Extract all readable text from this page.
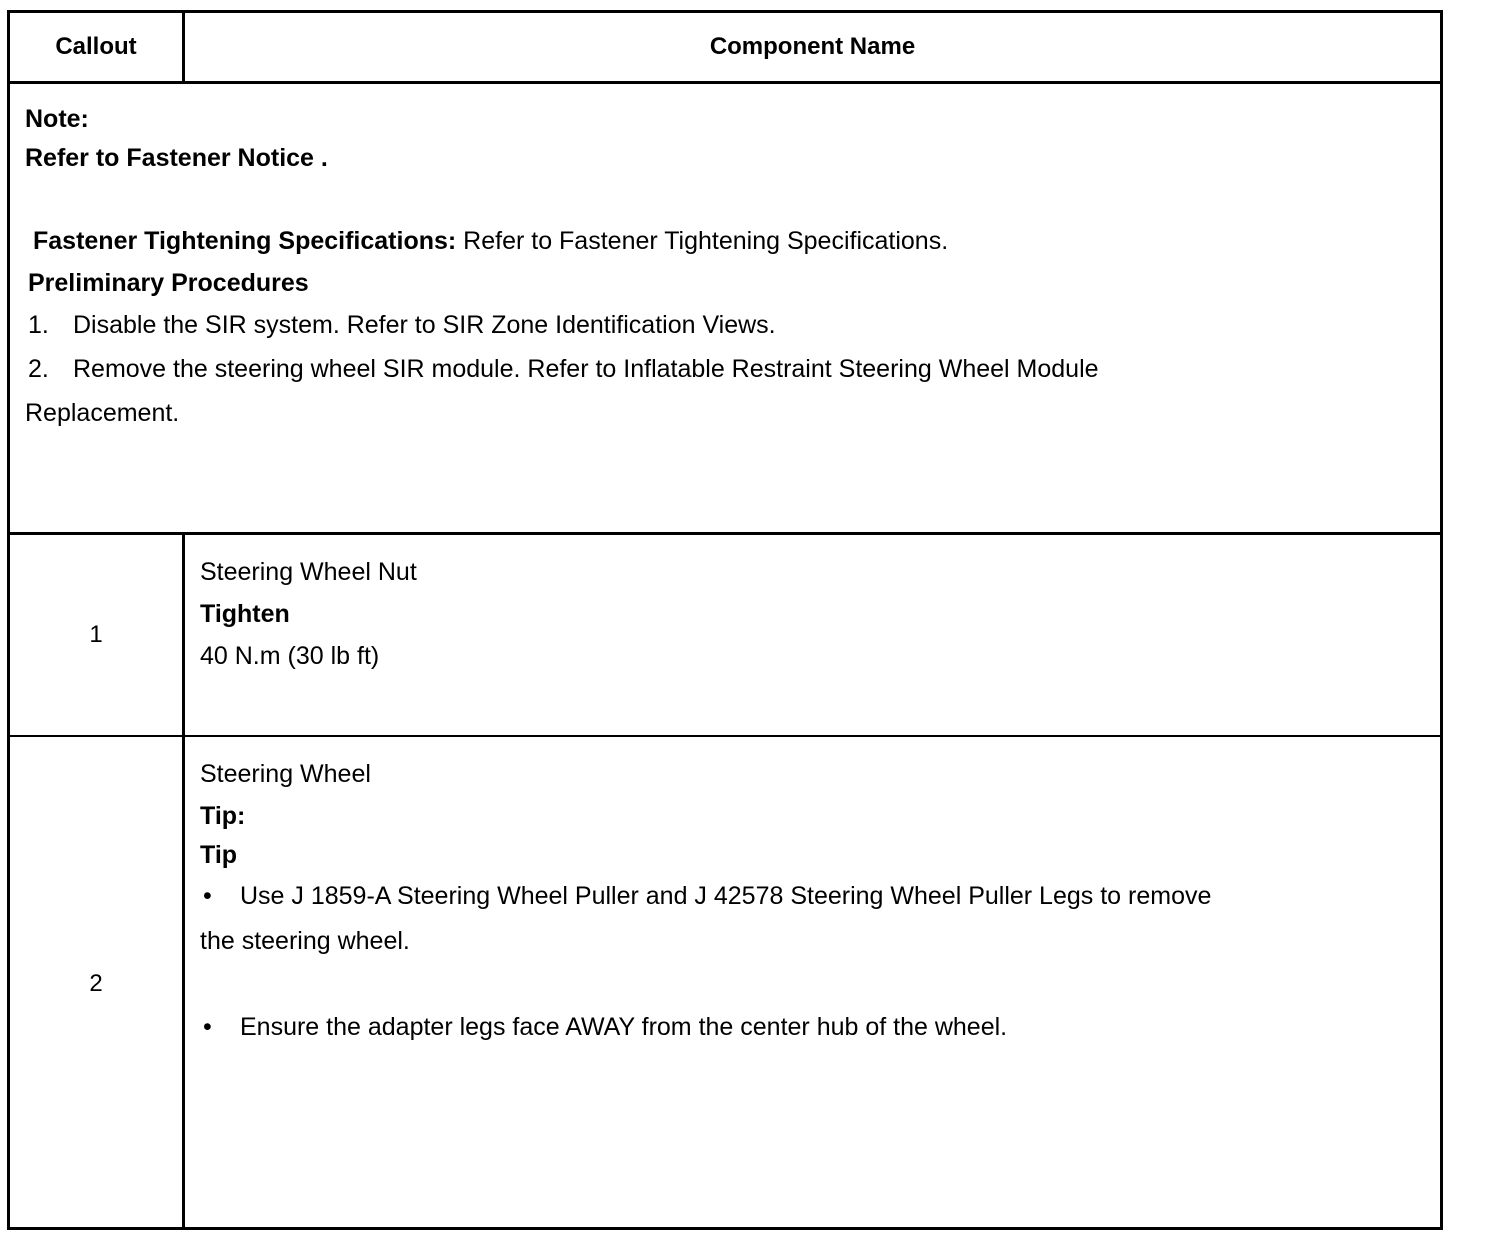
Callout	Component Name
Note:
Refer to Fastener Notice .
Fastener Tightening Specifications: Refer to Fastener Tightening Specifications.
Preliminary Procedures
1. Disable the SIR system. Refer to SIR Zone Identification Views.
2. Remove the steering wheel SIR module. Refer to Inflatable Restraint Steering Wheel Module
Replacement.
1
Steering Wheel Nut
Tighten
40 N.m (30 lb ft)
2
Steering Wheel
Tip:
Tip
• Use J 1859-A Steering Wheel Puller and J 42578 Steering Wheel Puller Legs to remove
the steering wheel.
• Ensure the adapter legs face AWAY from the center hub of the wheel.
